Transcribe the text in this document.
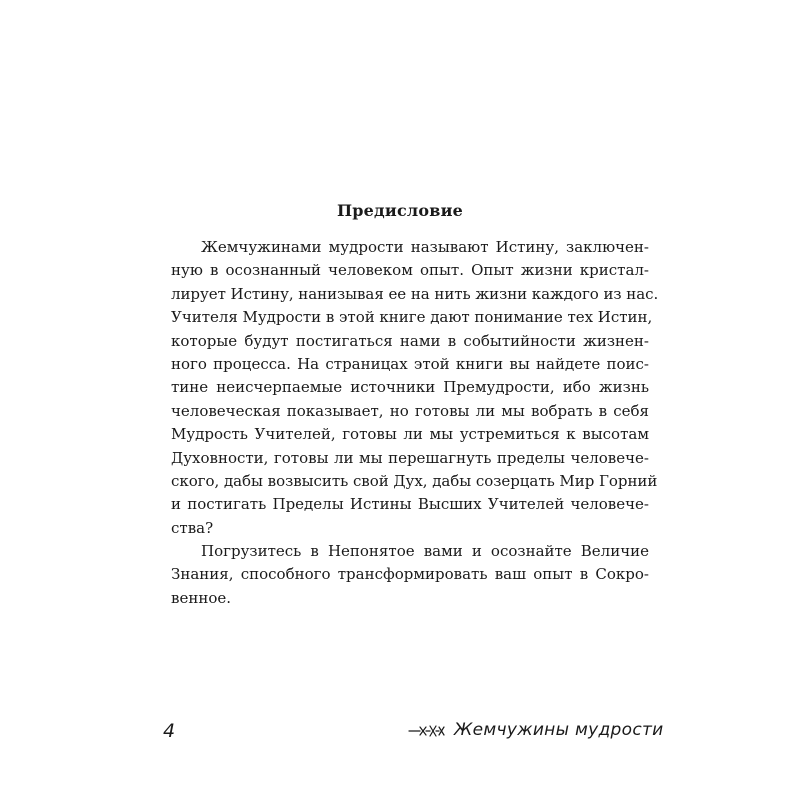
Предисловие
Жемчужинами мудрости называют Истину, заключен-
ную в осознанный человеком опыт. Опыт жизни кристал-
лирует Истину, нанизывая ее на нить жизни каждого из нас.
Учителя Мудрости в этой книге дают понимание тех Истин,
которые будут постигаться нами в событийности жизнен-
ного процесса. На страницах этой книги вы найдете поис-
тине неисчерпаемые источники Премудрости, ибо жизнь
человеческая показывает, но готовы ли мы вобрать в себя
Мудрость Учителей, готовы ли мы устремиться к высотам
Духовности, готовы ли мы перешагнуть пределы человече-
ского, дабы возвысить свой Дух, дабы созерцать Мир Горний
и постигать Пределы Истины Высших Учителей человече-
ства?
Погрузитесь в Непонятое вами и осознайте Величие
Знания, способного трансформировать ваш опыт в Сокро-
венное.
4	Жемчужины мудрости
